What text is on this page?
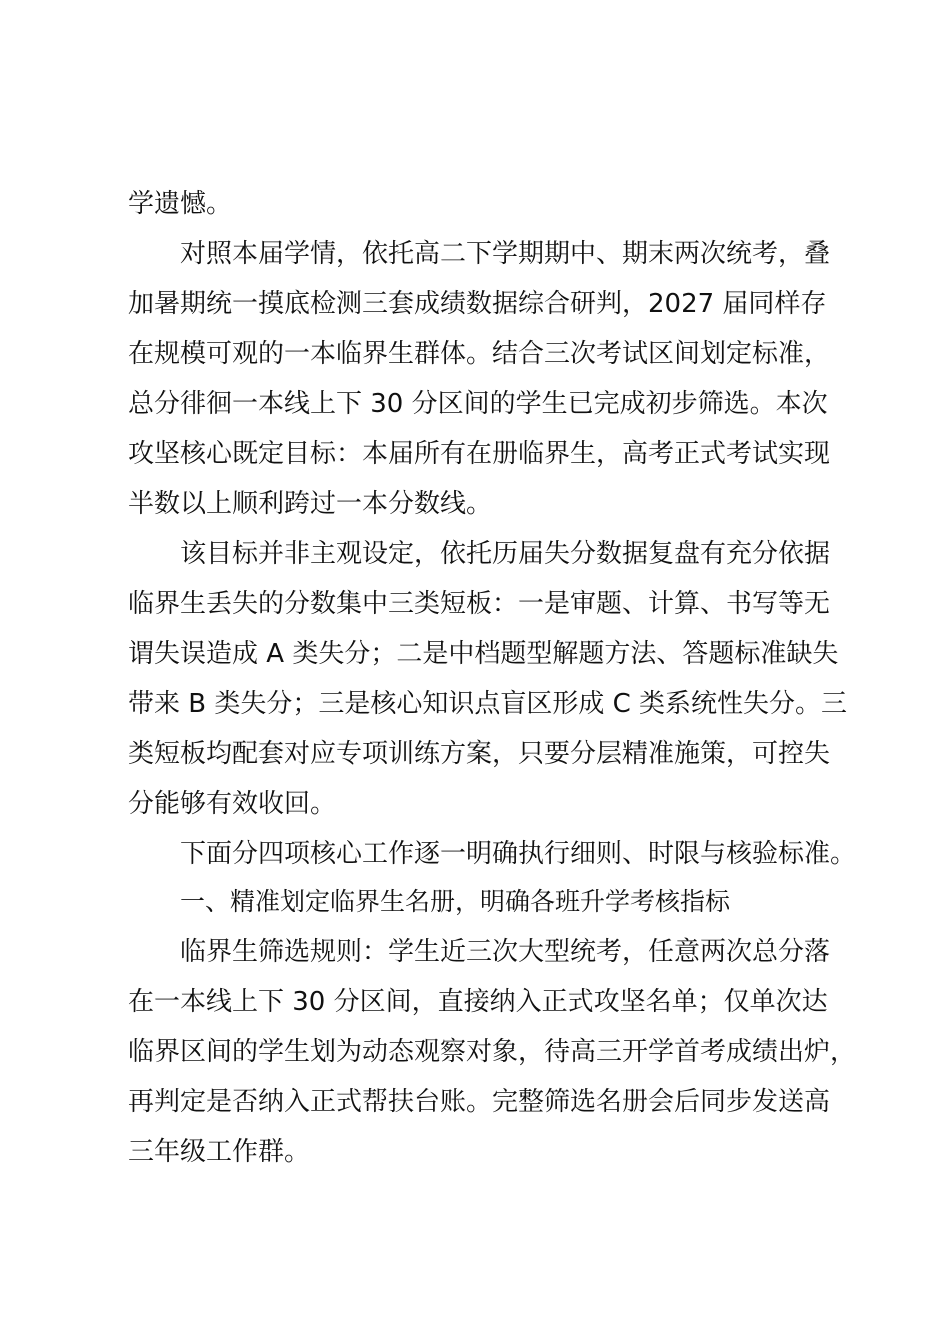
学遗憾。
对照本届学情，依托高二下学期期中、期末两次统考，叠
加暑期统一摸底检测三套成绩数据综合研判，2027 届同样存
在规模可观的一本临界生群体。结合三次考试区间划定标准，
总分徘徊一本线上下 30 分区间的学生已完成初步筛选。本次
攻坚核心既定目标：本届所有在册临界生，高考正式考试实现
半数以上顺利跨过一本分数线。
该目标并非主观设定，依托历届失分数据复盘有充分依据
临界生丢失的分数集中三类短板：一是审题、计算、书写等无
谓失误造成 A 类失分；二是中档题型解题方法、答题标准缺失
带来 B 类失分；三是核心知识点盲区形成 C 类系统性失分。三
类短板均配套对应专项训练方案，只要分层精准施策，可控失
分能够有效收回。
下面分四项核心工作逐一明确执行细则、时限与核验标准。
一、精准划定临界生名册，明确各班升学考核指标
临界生筛选规则：学生近三次大型统考，任意两次总分落
在一本线上下 30 分区间，直接纳入正式攻坚名单；仅单次达
临界区间的学生划为动态观察对象，待高三开学首考成绩出炉，
再判定是否纳入正式帮扶台账。完整筛选名册会后同步发送高
三年级工作群。
